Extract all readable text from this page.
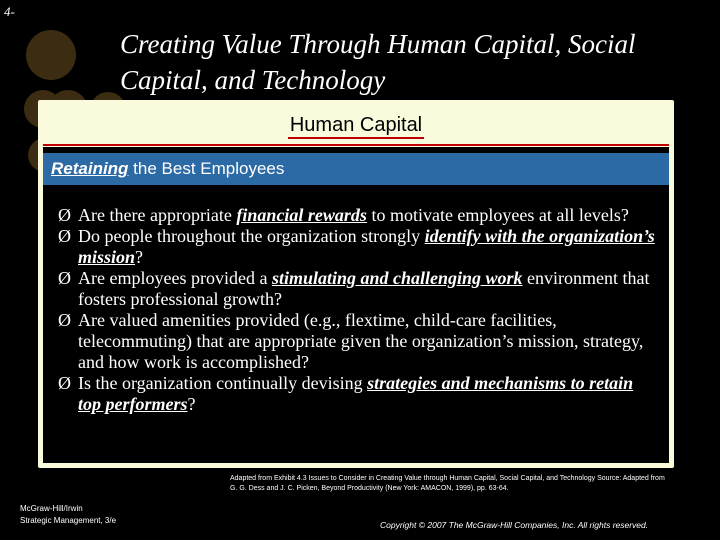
4-
Creating Value Through Human Capital, Social Capital, and Technology
Human Capital
Retaining the Best Employees
Ø Are there appropriate financial rewards to motivate employees at all levels?
Ø Do people throughout the organization strongly identify with the organization’s mission?
Ø Are employees provided a stimulating and challenging work environment that fosters professional growth?
Ø Are valued amenities provided (e.g., flextime, child-care facilities, telecommuting) that are appropriate given the organization’s mission, strategy, and how work is accomplished?
Ø Is the organization continually devising strategies and mechanisms to retain top performers?
Adapted from Exhibit 4.3 Issues to Consider in Creating Value through Human Capital, Social Capital, and Technology Source: Adapted from G. G. Dess and J. C. Picken, Beyond Productivity (New York: AMACON, 1999), pp. 63-64.
McGraw-Hill/Irwin
Strategic Management, 3/e	Copyright © 2007 The McGraw-Hill Companies, Inc. All rights reserved.
